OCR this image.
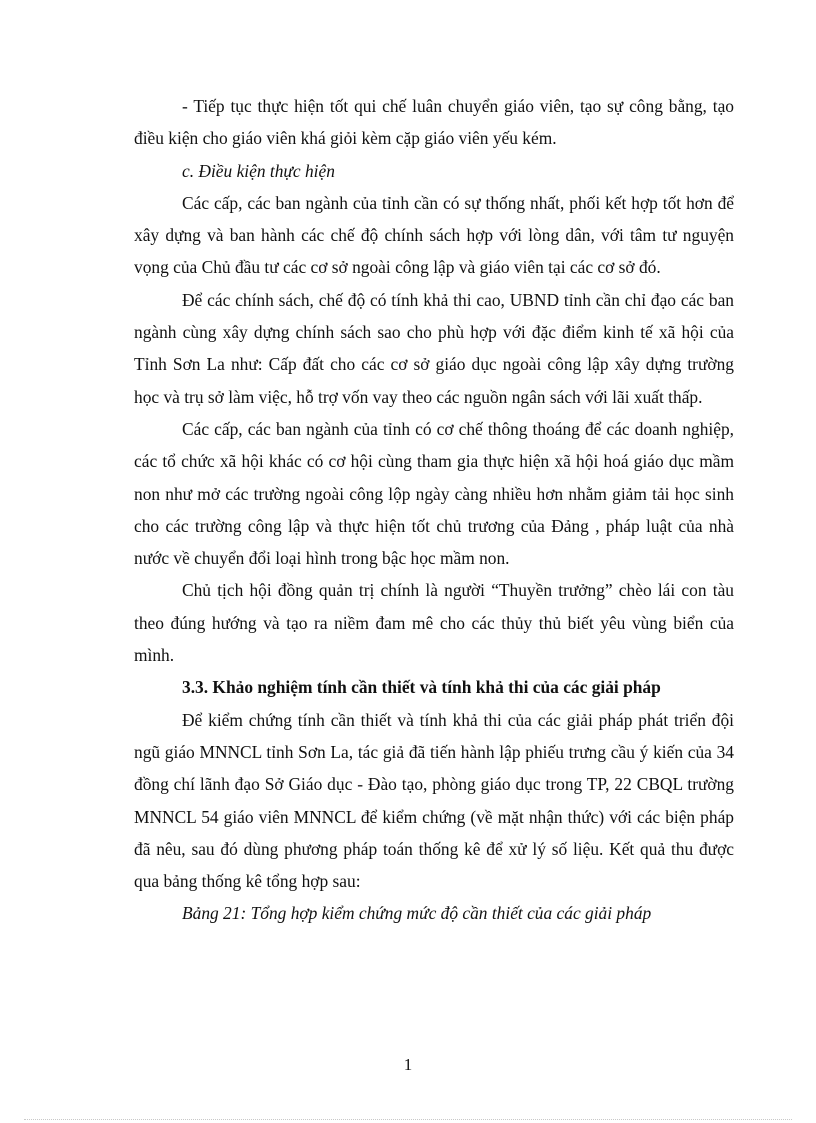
- Tiếp tục thực hiện tốt qui chế luân chuyển giáo viên, tạo sự công bằng, tạo điều kiện cho giáo viên khá giỏi kèm cặp giáo viên yếu kém.

c. Điều kiện thực hiện

Các cấp, các ban ngành của tỉnh cần có sự thống nhất, phối kết hợp tốt hơn để xây dựng và ban hành các chế độ chính sách hợp với lòng dân, với tâm tư nguyện vọng của Chủ đầu tư các cơ sở ngoài công lập và giáo viên tại các cơ sở đó.

Để các chính sách, chế độ có tính khả thi cao, UBND tỉnh cần chỉ đạo các ban ngành cùng xây dựng chính sách sao cho phù hợp với đặc điểm kinh tế xã hội của Tỉnh Sơn La như: Cấp đất cho các cơ sở giáo dục ngoài công lập xây dựng trường học và trụ sở làm việc, hỗ trợ vốn vay theo các nguồn ngân sách với lãi xuất thấp.

Các cấp, các ban ngành của tỉnh có cơ chế thông thoáng để các doanh nghiệp, các tổ chức xã hội khác có cơ hội cùng tham gia thực hiện xã hội hoá giáo dục mầm non như mở các trường ngoài công lộp ngày càng nhiều hơn nhằm giảm tải học sinh cho các trường công lập và thực hiện tốt chủ trương của Đảng , pháp luật của nhà nước về chuyển đổi loại hình trong bậc học mầm non.

Chủ tịch hội đồng quản trị chính là người “Thuyền trưởng” chèo lái con tàu theo đúng hướng và tạo ra niềm đam mê cho các thủy thủ biết yêu vùng biển của mình.

3.3. Khảo nghiệm tính cần thiết và tính khả thi của các giải pháp

Để kiểm chứng tính cần thiết và tính khả thi của các giải pháp phát triển đội ngũ giáo MNNCL tỉnh Sơn La, tác giả đã tiến hành lập phiếu trưng cầu ý kiến của 34 đồng chí lãnh đạo Sở Giáo dục - Đào tạo, phòng giáo dục trong TP, 22 CBQL trường MNNCL 54 giáo viên MNNCL để kiểm chứng (về mặt nhận thức) với các biện pháp đã nêu, sau đó dùng phương pháp toán thống kê để xử lý số liệu. Kết quả thu được qua bảng thống kê tổng hợp sau:

Bảng 21: Tổng hợp kiểm chứng mức độ cần thiết của các giải pháp

1
